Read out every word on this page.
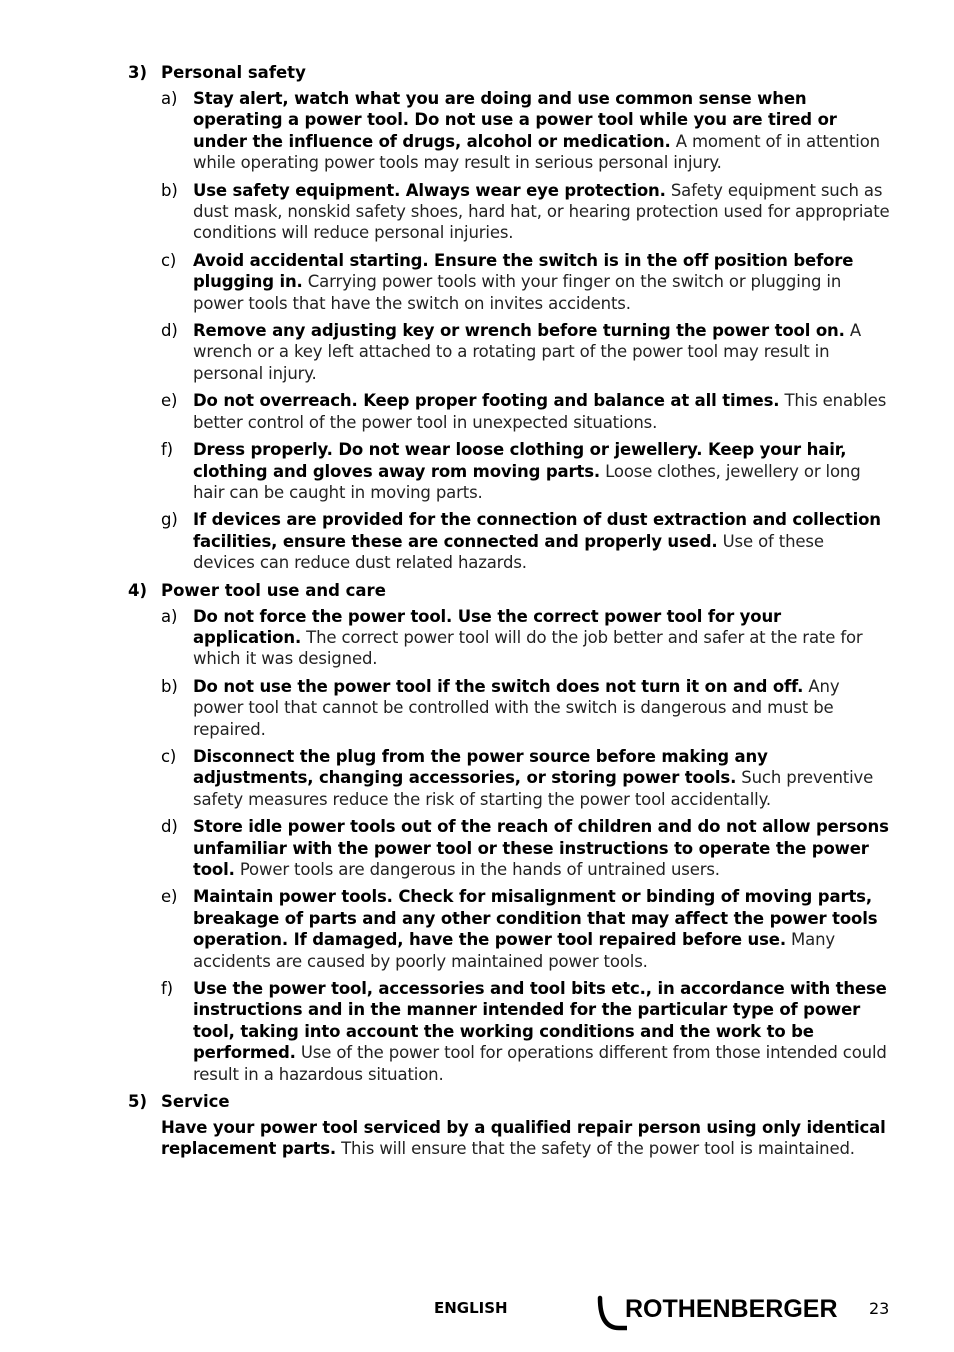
3) Personal safety
a) Stay alert, watch what you are doing and use common sense when operating a power tool. Do not use a power tool while you are tired or under the influence of drugs, alcohol or medication. A moment of in attention while operating power tools may result in serious personal injury.
b) Use safety equipment. Always wear eye protection. Safety equipment such as dust mask, nonskid safety shoes, hard hat, or hearing protection used for appropriate conditions will reduce personal injuries.
c)	Avoid accidental starting. Ensure the switch is in the off position before plugging in. Carrying power tools with your finger on the switch or plugging in power tools that have the switch on invites accidents.
d) Remove any adjusting key or wrench before turning the power tool on. A wrench or a key left attached to a rotating part of the power tool may result in personal injury.
e) Do not overreach. Keep proper footing and balance at all times. This enables better control of the power tool in unexpected situations.
f)	Dress properly. Do not wear loose clothing or jewellery. Keep your hair, clothing and gloves away rom moving parts. Loose clothes, jewellery or long hair can be caught in moving parts.
g) If devices are provided for the connection of dust extraction and collection facilities, ensure these are connected and properly used. Use of these devices can reduce dust related hazards.
4) Power tool use and care
a) Do not force the power tool. Use the correct power tool for your application. The correct power tool will do the job better and safer at the rate for which it was designed.
b) Do not use the power tool if the switch does not turn it on and off. Any power tool that cannot be controlled with the switch is dangerous and must be repaired.
c)	Disconnect the plug from the power source before making any adjustments, changing accessories, or storing power tools. Such preventive safety measures reduce the risk of starting the power tool accidentally.
d) Store idle power tools out of the reach of children and do not allow persons unfamiliar with the power tool or these instructions to operate the power tool. Power tools are dangerous in the hands of untrained users.
e) Maintain power tools. Check for misalignment or binding of moving parts, breakage of parts and any other condition that may affect the power tools operation. If damaged, have the power tool repaired before use. Many accidents are caused by poorly maintained power tools.
f)	Use the power tool, accessories and tool bits etc., in accordance with these instructions and in the manner intended for the particular type of power tool, taking into account the working conditions and the work to be performed. Use of the power tool for operations different from those intended could result in a hazardous situation.
5) Service
Have your power tool serviced by a qualified repair person using only identical replacement parts. This will ensure that the safety of the power tool is maintained.
ENGLISH	ROTHENBERGER 23
